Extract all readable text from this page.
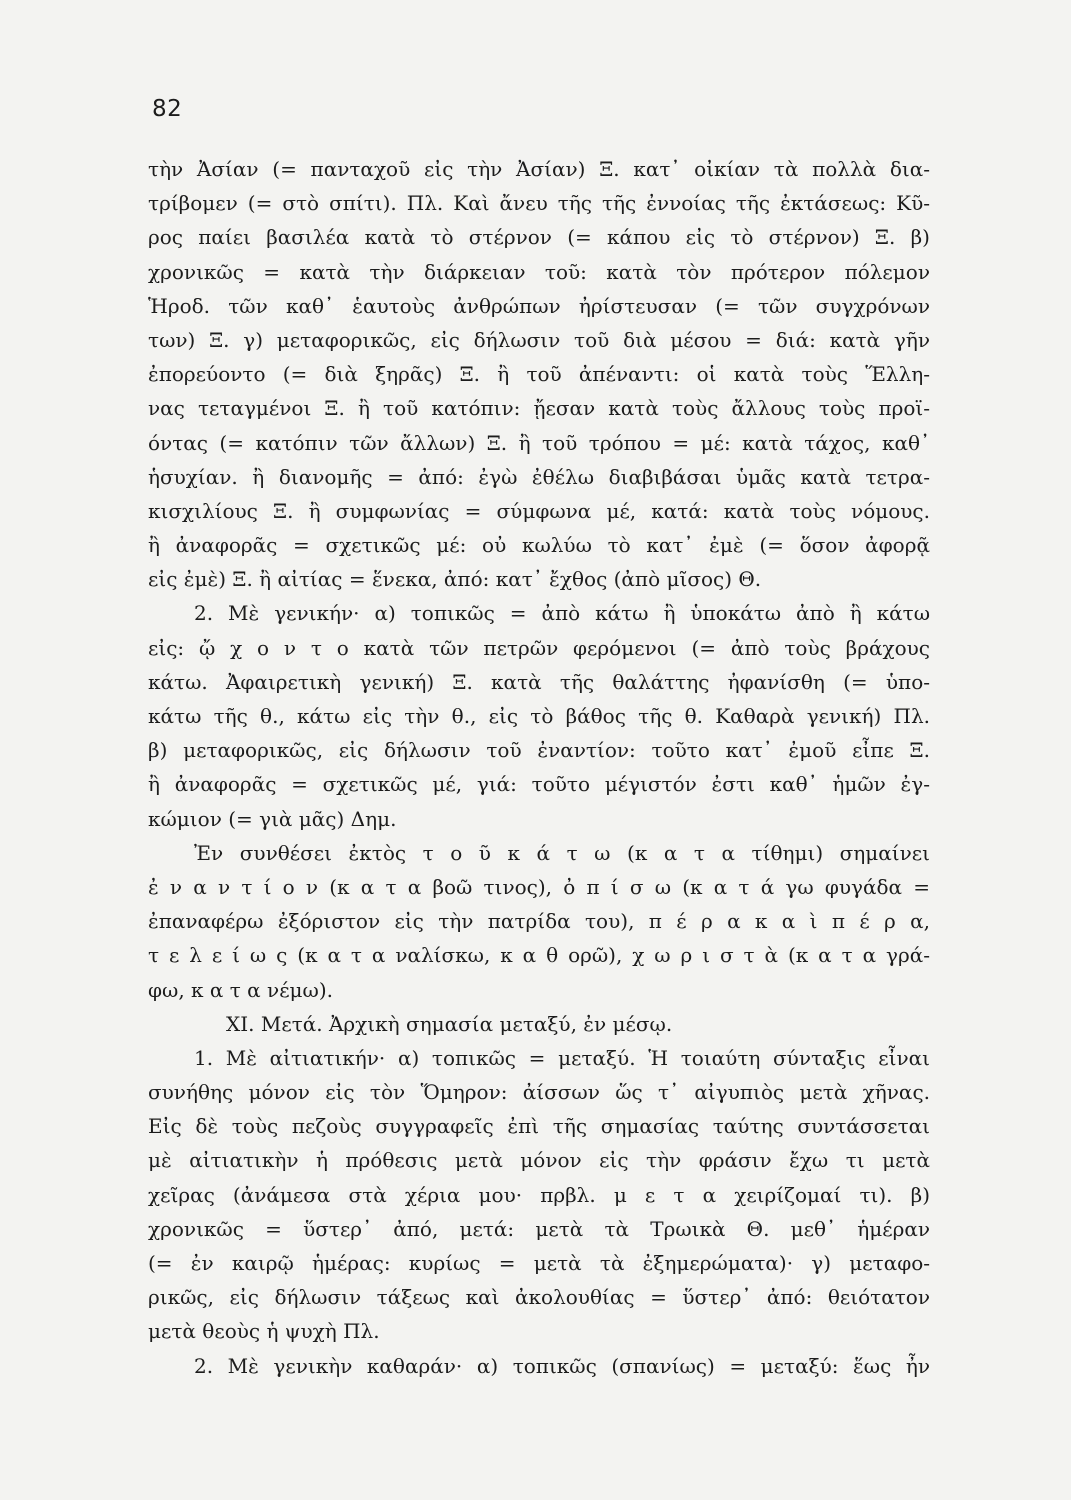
82
τὴν Ἀσίαν (= πανταχοῦ εἰς τὴν Ἀσίαν) Ξ. κατ᾽ οἰκίαν τὰ πολλὰ δια-
τρίβομεν (= στὸ σπίτι). Πλ. Καὶ ἄνευ τῆς τῆς ἐννοίας τῆς ἐκτάσεως: Κῦ-
ρος παίει βασιλέα κατὰ τὸ στέρνον (= κάπου εἰς τὸ στέρνον) Ξ. β)
χρονικῶς = κατὰ τὴν διάρκειαν τοῦ: κατὰ τὸν πρότερον πόλεμον
Ἡροδ. τῶν καθ᾽ ἑαυτοὺς ἀνθρώπων ἠρίστευσαν (= τῶν συγχρόνων
των) Ξ. γ) μεταφορικῶς, εἰς δήλωσιν τοῦ διὰ μέσου = διά: κατὰ γῆν
ἐπορεύοντο (= διὰ ξηρᾶς) Ξ. ἢ τοῦ ἀπέναντι: οἱ κατὰ τοὺς Ἕλλη-
νας τεταγμένοι Ξ. ἢ τοῦ κατόπιν: ᾔεσαν κατὰ τοὺς ἄλλους τοὺς προϊ-
όντας (= κατόπιν τῶν ἄλλων) Ξ. ἢ τοῦ τρόπου = μέ: κατὰ τάχος, καθ᾽
ἡσυχίαν. ἢ διανομῆς = ἀπό: ἐγὼ ἐθέλω διαβιβάσαι ὑμᾶς κατὰ τετρα-
κισχιλίους Ξ. ἢ συμφωνίας = σύμφωνα μέ, κατά: κατὰ τοὺς νόμους.
ἢ ἀναφορᾶς = σχετικῶς μέ: οὐ κωλύω τὸ κατ᾽ ἐμὲ (= ὅσον ἀφορᾷ
εἰς ἐμὲ) Ξ. ἢ αἰτίας = ἕνεκα, ἀπό: κατ᾽ ἔχθος (ἀπὸ μῖσος) Θ.
2. Μὲ γενικήν· α) τοπικῶς = ἀπὸ κάτω ἢ ὑποκάτω ἀπὸ ἢ κάτω
εἰς: ᾤ χ ο ν τ ο κατὰ τῶν πετρῶν φερόμενοι (= ἀπὸ τοὺς βράχους
κάτω. Ἀφαιρετικὴ γενική) Ξ. κατὰ τῆς θαλάττης ἠφανίσθη (= ὑπο-
κάτω τῆς θ., κάτω εἰς τὴν θ., εἰς τὸ βάθος τῆς θ. Καθαρὰ γενική) Πλ.
β) μεταφορικῶς, εἰς δήλωσιν τοῦ ἐναντίον: τοῦτο κατ᾽ ἐμοῦ εἶπε Ξ.
ἢ ἀναφορᾶς = σχετικῶς μέ, γιά: τοῦτο μέγιστόν ἐστι καθ᾽ ἡμῶν ἐγ-
κώμιον (= γιὰ μᾶς) Δημ.
Ἐν συνθέσει ἐκτὸς τ ο ῦ κ ά τ ω (κ α τ α τίθημι) σημαίνει
ἐ ν α ν τ ί ο ν (κ α τ α βοῶ τινος), ὀ π ί σ ω (κ α τ ά γω φυγάδα =
ἐπαναφέρω ἐξόριστον εἰς τὴν πατρίδα του), π έ ρ α κ α ὶ π έ ρ α,
τ ε λ ε ί ω ς (κ α τ α ναλίσκω, κ α θ ορῶ), χ ω ρ ι σ τ ὰ (κ α τ α γρά-
φω, κ α τ α νέμω).
XI. Μετά. Ἀρχικὴ σημασία μεταξύ, ἐν μέσῳ.
1. Μὲ αἰτιατικήν· α) τοπικῶς = μεταξύ. Ἡ τοιαύτη σύνταξις εἶναι
συνήθης μόνον εἰς τὸν Ὅμηρον: ἀίσσων ὥς τ᾽ αἰγυπιὸς μετὰ χῆνας.
Εἰς δὲ τοὺς πεζοὺς συγγραφεῖς ἐπὶ τῆς σημασίας ταύτης συντάσσεται
μὲ αἰτιατικὴν ἡ πρόθεσις μετὰ μόνον εἰς τὴν φράσιν ἔχω τι μετὰ
χεῖρας (ἀνάμεσα στὰ χέρια μου· πρβλ. μ ε τ α χειρίζομαί τι). β)
χρονικῶς = ὕστερ᾽ ἀπό, μετά: μετὰ τὰ Τρωικὰ Θ. μεθ᾽ ἡμέραν
(= ἐν καιρῷ ἡμέρας: κυρίως = μετὰ τὰ ἐξημερώματα)· γ) μεταφο-
ρικῶς, εἰς δήλωσιν τάξεως καὶ ἀκολουθίας = ὕστερ᾽ ἀπό: θειότατον
μετὰ θεοὺς ἡ ψυχὴ Πλ.
2. Μὲ γενικὴν καθαράν· α) τοπικῶς (σπανίως) = μεταξύ: ἕως ἦν
